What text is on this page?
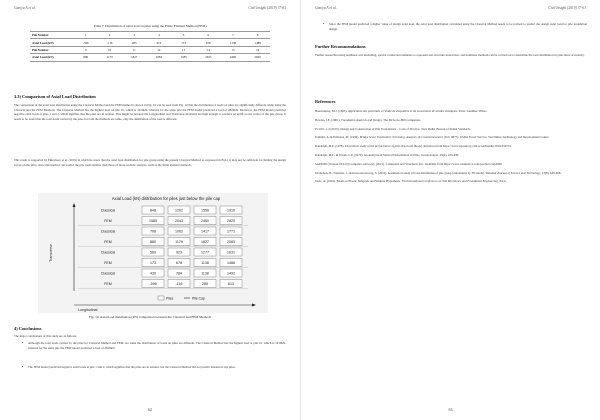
Ganiyu A et al.	Civil Insight (2019) 37-61
Table 7. Distribution of axial load on piles using the Finite Element Method (FEM)
Pile Number	1	2	3	4	5	6	7	8
Axial Load (kN)	-596	-116	285	613	173	678	1138	1488
Pile Number	9	10	11	12	13	14	15	16
Axial Load (kN)	880	1179	1827	2083	1585	2043	2460	2820
3.3) Comparison of Axial Load Distribution

The comparison of the axial load distribution using the Classical Method and the FEM method is shown in Fig. 10 can be seen from Fig. 10 that the distribution of loads on piles are significantly different while using the Classical and the FEM Methods. The Classical Method has the highest load on pile 16, which is 1910kN, whereas for the same pile the FEM model predicted a load of 2820kN. Moreover, the FEM model predicted negative axial loads at piles 1 and 2, which signifies that the piles are in tension. This might be because the Longitudinal and Transverse moments are high enough to produce an uplift at one corner of the pile group. It needs to be noted that the total loads carried by the piles for both the methods are same, only the distribution of the load is different.

This result is supported by Ekizabaev et al. (2019) in which he states that the axial load distribution for pile group using the present Classical Method as expressed in Eqn (1) may not be sufficient for finding the design forces on the piles, since this method can predict the pile loads smaller than those of more realistic analysis, such as the finite element methods.

Axial Load (kN) distribution for piles just below the pile cap
Classical	848	1202	1556	1910
FEM	1585	2043	2460	2820
Classical	706	1062	1417	1771
FEM	880	1179	1827	2083
Classical	569	923	1277	1631
FEM	173	678	1138	1488
Classical	430	784	1138	1492
FEM	-596	-116	285	613
Transverse
Longitudinal
Piles	Pile Cap
Fig. 10. Axial load distribution (kN) comparison between the Classical and FEM Methods
4) Conclusions

The major conclusions of this study are as follows:

• Although the total loads carried by the piles for Classical Method and FEM, are same the distribution of loads on piles are different. The Classical Method has the highest load at pile 16, which is 1910kN, whereas for the same pile the FEM model predicted a load of 2820kN.
• The FEM model predicted negative axial loads at pile 1 and 2, which signifies that the piles are in tension, but the Classical Method did not predict tension in any piles.
62
Ganiyu A et al.	Civil Insight (2019) 37-61
• Since the FEM model predicted a higher value of design axial load, the axial load distribution calculated using the Classical Method needs to be revised to predict the design axial load for pile foundation design.
Further Recommendations

Further researches using nonlinear soil modelling, special connection elements to represent soil-structure interaction, and nonlinear methods can be carried out to determine the load distribution in piles more accurately.

References

Bousssinesq, M.J. (1885). Application des potentials a l'etude de d'equilibre et du mouvement de solides elastiques. Paris: Gauthier-Villars.

Bowles, J.E. (2001). Foundation Analysis and Design. The McGraw-Hill Companies.

IS 2911-1-2 (2010). Design and Construction of Pile Foundations – Code of Practice. New Delhi, Bureau of Indian Standards.

Kathalli, A. & Eriksson, M. (1996). Bridge Scour Evaluation: Screening, Analysis, & Countermeasures (Feb. 9877). USDA Forest Service, San Dimas Technology and Development Center.

Randolph, M.F. (1978). Theoretical study of the performance of piles (Doctoral thesis). Retrieved from https://www.repository.cam.ac.uk/handle/1810/250719

Randolph, M.F., & Wroth, C.P. (1979). An Analysis of Vertical Deformation of Piles. Geotechnique, 29(4), 423-439.

SAP2000 (Version 18.0.0) [Computer software]. (2015). Computers and Structures, Inc. Available from https://www.csiamerica.com/products/sap2000

Ukritchon, B., Faustino, J., & Keawsawasvong, S. (2016). A numerical study of load distribution of pile group foundations by 3D model. Walailak Journal of Science and Technology, 13(8), 649-668.

Vesic, A. (1961). Beam on Elastic Subgrade and Winkler Hypothesis. 5th International Conference on Soil Mechanics and Foundation Engineering, Paris.

63
